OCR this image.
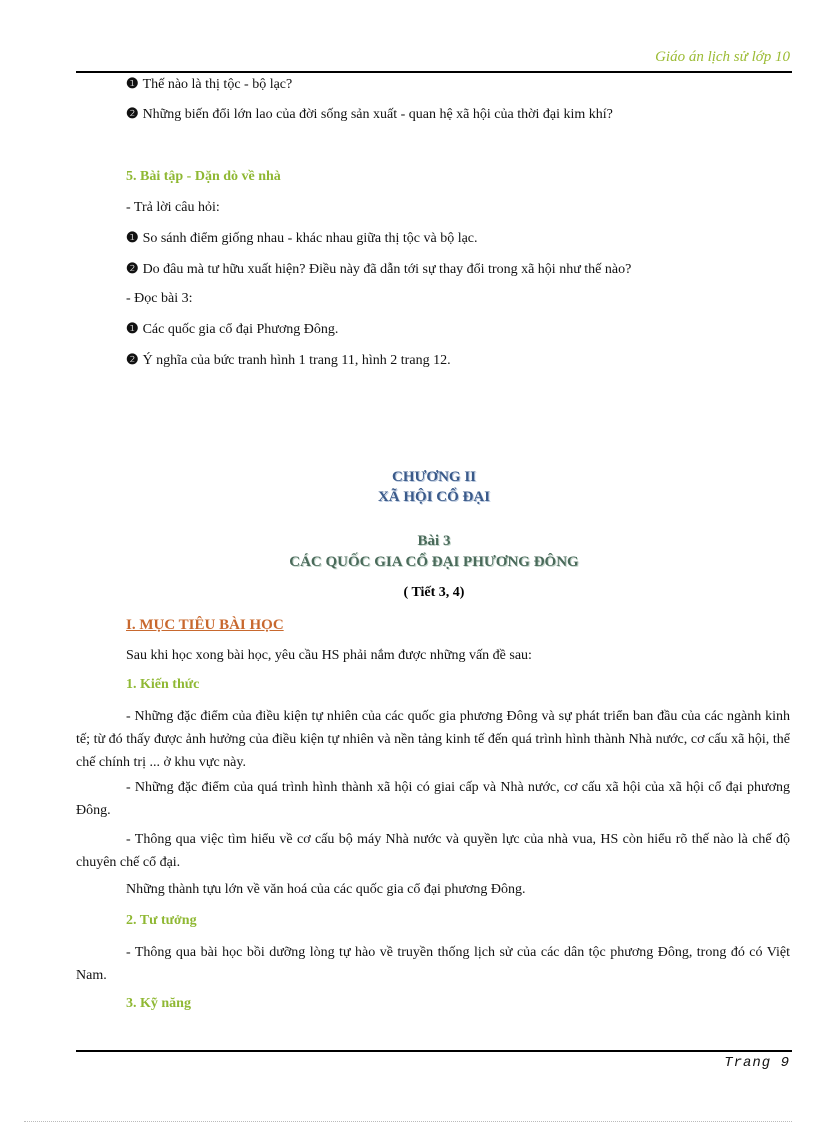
Giáo án lịch sử lớp 10
❶ Thế nào là thị tộc - bộ lạc?
❷ Những biến đổi lớn lao của đời sống sản xuất - quan hệ xã hội của thời đại kim khí?
5. Bài tập - Dặn dò về nhà
- Trả lời câu hỏi:
❶ So sánh điểm giống nhau - khác nhau giữa thị tộc và bộ lạc.
❷ Do đâu mà tư hữu xuất hiện? Điều này đã dẫn tới sự thay đổi trong xã hội như thế nào?
- Đọc bài 3:
❶ Các quốc gia cổ đại Phương Đông.
❷ Ý nghĩa của bức tranh hình 1 trang 11, hình 2 trang 12.
CHƯƠNG II
XÃ HỘI CỔ ĐẠI
Bài 3
CÁC QUỐC GIA CỔ ĐẠI PHƯƠNG ĐÔNG
( Tiết 3, 4)
I. MỤC TIÊU BÀI HỌC
Sau khi học xong bài học, yêu cầu HS phải nắm được những vấn đề sau:
1. Kiến thức
- Những đặc điểm của điều kiện tự nhiên của các quốc gia phương Đông và sự phát triển ban đầu của các ngành kinh tế; từ đó thấy được ảnh hưởng của điều kiện tự nhiên và nền tảng kinh tế đến quá trình hình thành Nhà nước, cơ cấu xã hội, thể chế chính trị ... ở khu vực này.
- Những đặc điểm của quá trình hình thành xã hội có giai cấp và Nhà nước, cơ cấu xã hội của xã hội cổ đại phương Đông.
- Thông qua việc tìm hiểu về cơ cấu bộ máy Nhà nước và quyền lực của nhà vua, HS còn hiểu rõ thế nào là chế độ chuyên chế cổ đại.
Những thành tựu lớn về văn hoá của các quốc gia cổ đại phương Đông.
2. Tư tưởng
- Thông qua bài học bồi dưỡng lòng tự hào về truyền thống lịch sử của các dân tộc phương Đông, trong đó có Việt Nam.
3. Kỹ năng
Trang 9
